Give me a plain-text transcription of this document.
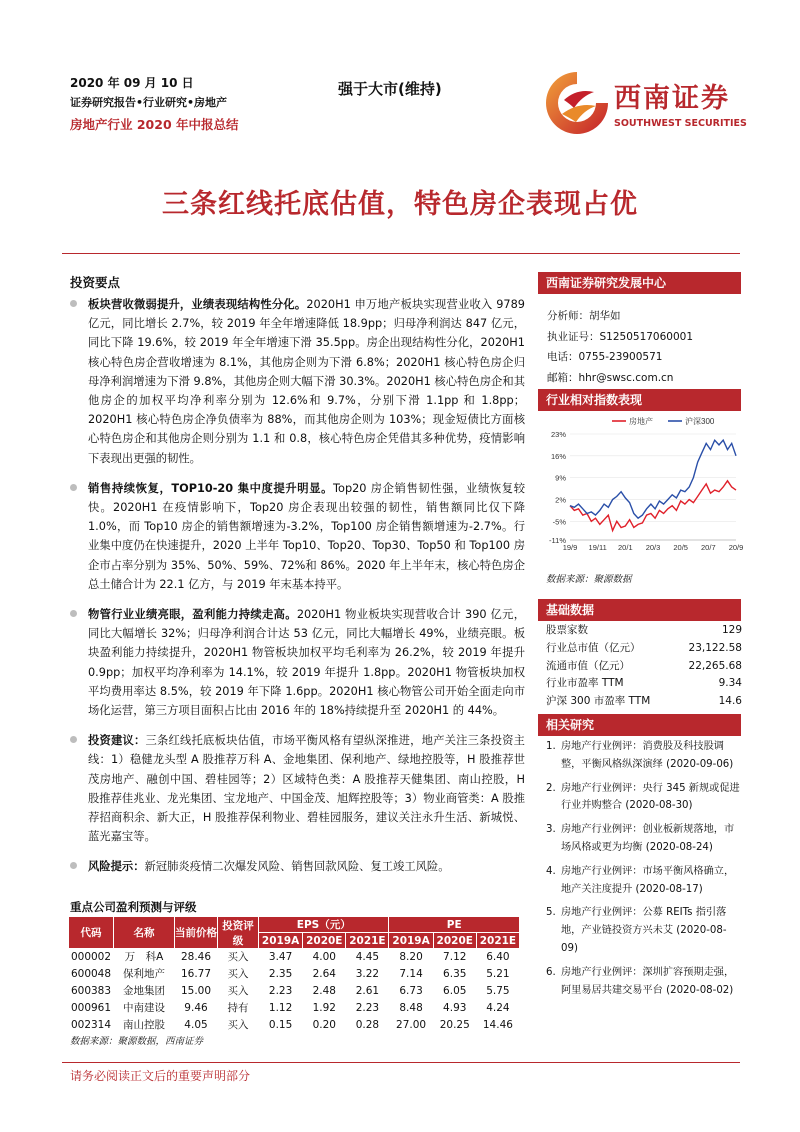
2020 年 09 月 10 日
证券研究报告•行业研究•房地产
房地产行业 2020 年中报总结
强于大市(维持)	西南证券
SOUTHWEST SECURITIES
三条红线托底估值，特色房企表现占优
投资要点
板块营收微弱提升，业绩表现结构性分化。2020H1 申万地产板块实现营业收入 9789 亿元，同比增长 2.7%，较 2019 年全年增速降低 18.9pp；归母净利润达 847 亿元，同比下降 19.6%，较 2019 年全年增速下滑 35.5pp。房企出现结构性分化，2020H1 核心特色房企营收增速为 8.1%，其他房企则为下滑 6.8%；2020H1 核心特色房企归母净利润增速为下滑 9.8%，其他房企则大幅下滑 30.3%。2020H1 核心特色房企和其他房企的加权平均净利率分别为 12.6%和 9.7%，分别下滑 1.1pp 和 1.8pp；2020H1 核心特色房企净负债率为 88%，而其他房企则为 103%；现金短债比方面核心特色房企和其他房企则分别为 1.1 和 0.8，核心特色房企凭借其多种优势，疫情影响下表现出更强的韧性。
销售持续恢复，TOP10-20 集中度提升明显。Top20 房企销售韧性强，业绩恢复较快。2020H1 在疫情影响下，Top20 房企表现出较强的韧性，销售额同比仅下降 1.0%，而 Top10 房企的销售额增速为-3.2%，Top100 房企销售额增速为-2.7%。行业集中度仍在快速提升，2020 上半年 Top10、Top20、Top30、Top50 和 Top100 房企市占率分别为 35%、50%、59%、72%和 86%。2020 年上半年末，核心特色房企总土储合计为 22.1 亿方，与 2019 年末基本持平。
物管行业业绩亮眼，盈利能力持续走高。2020H1 物业板块实现营收合计 390 亿元，同比大幅增长 32%；归母净利润合计达 53 亿元，同比大幅增长 49%，业绩亮眼。板块盈利能力持续提升，2020H1 物管板块加权平均毛利率为 26.2%，较 2019 年提升 0.9pp；加权平均净利率为 14.1%，较 2019 年提升 1.8pp。2020H1 物管板块加权平均费用率达 8.5%，较 2019 年下降 1.6pp。2020H1 核心物管公司开始全面走向市场化运营，第三方项目面积占比由 2016 年的 18%持续提升至 2020H1 的 44%。
投资建议：三条红线托底板块估值，市场平衡风格有望纵深推进，地产关注三条投资主线：1）稳健龙头型 A 股推荐万科 A、金地集团、保利地产、绿地控股等，H 股推荐世茂房地产、融创中国、碧桂园等；2）区域特色类：A 股推荐天健集团、南山控股，H 股推荐佳兆业、龙光集团、宝龙地产、中国金茂、旭辉控股等；3）物业商管类：A 股推荐招商积余、新大正，H 股推荐保利物业、碧桂园服务，建议关注永升生活、新城悦、蓝光嘉宝等。
风险提示：新冠肺炎疫情二次爆发风险、销售回款风险、复工竣工风险。
重点公司盈利预测与评级
代码	名称	当前价格	投资评级	EPS（元）			PE		
				2019A	2020E	2021E	2019A	2020E	2021E
000002	万　科A	28.46	买入	3.47	4.00	4.45	8.20	7.12	6.40
600048	保利地产	16.77	买入	2.35	2.64	3.22	7.14	6.35	5.21
600383	金地集团	15.00	买入	2.23	2.48	2.61	6.73	6.05	5.75
000961	中南建设	9.46	持有	1.12	1.92	2.23	8.48	4.93	4.24
002314	南山控股	4.05	买入	0.15	0.20	0.28	27.00	20.25	14.46
数据来源：聚源数据，西南证券
西南证券研究发展中心
分析师：胡华如
执业证号：S1250517060001
电话：0755-23900571
邮箱：hhr@swsc.com.cn
行业相对指数表现
23%
16%
9%
2%
-5%
-11%
19/9 19/11 20/1 20/3 20/5 20/7 20/9
房地产	沪深300
数据来源：聚源数据
基础数据
股票家数	129
行业总市值（亿元）	23,122.58
流通市值（亿元）	22,265.68
行业市盈率 TTM	9.34
沪深 300 市盈率 TTM	14.6
相关研究
1. 房地产行业例评：消费股及科技股调整，平衡风格纵深演绎 (2020-09-06)
2. 房地产行业例评：央行 345 新规或促进行业并购整合 (2020-08-30)
3. 房地产行业例评：创业板新规落地，市场风格或更为均衡 (2020-08-24)
4. 房地产行业例评：市场平衡风格确立，地产关注度提升 (2020-08-17)
5. 房地产行业例评：公募 REITs 指引落地，产业链投资方兴未艾 (2020-08-09)
6. 房地产行业例评：深圳扩容预期走强，阿里易居共建交易平台 (2020-08-02)
请务必阅读正文后的重要声明部分
